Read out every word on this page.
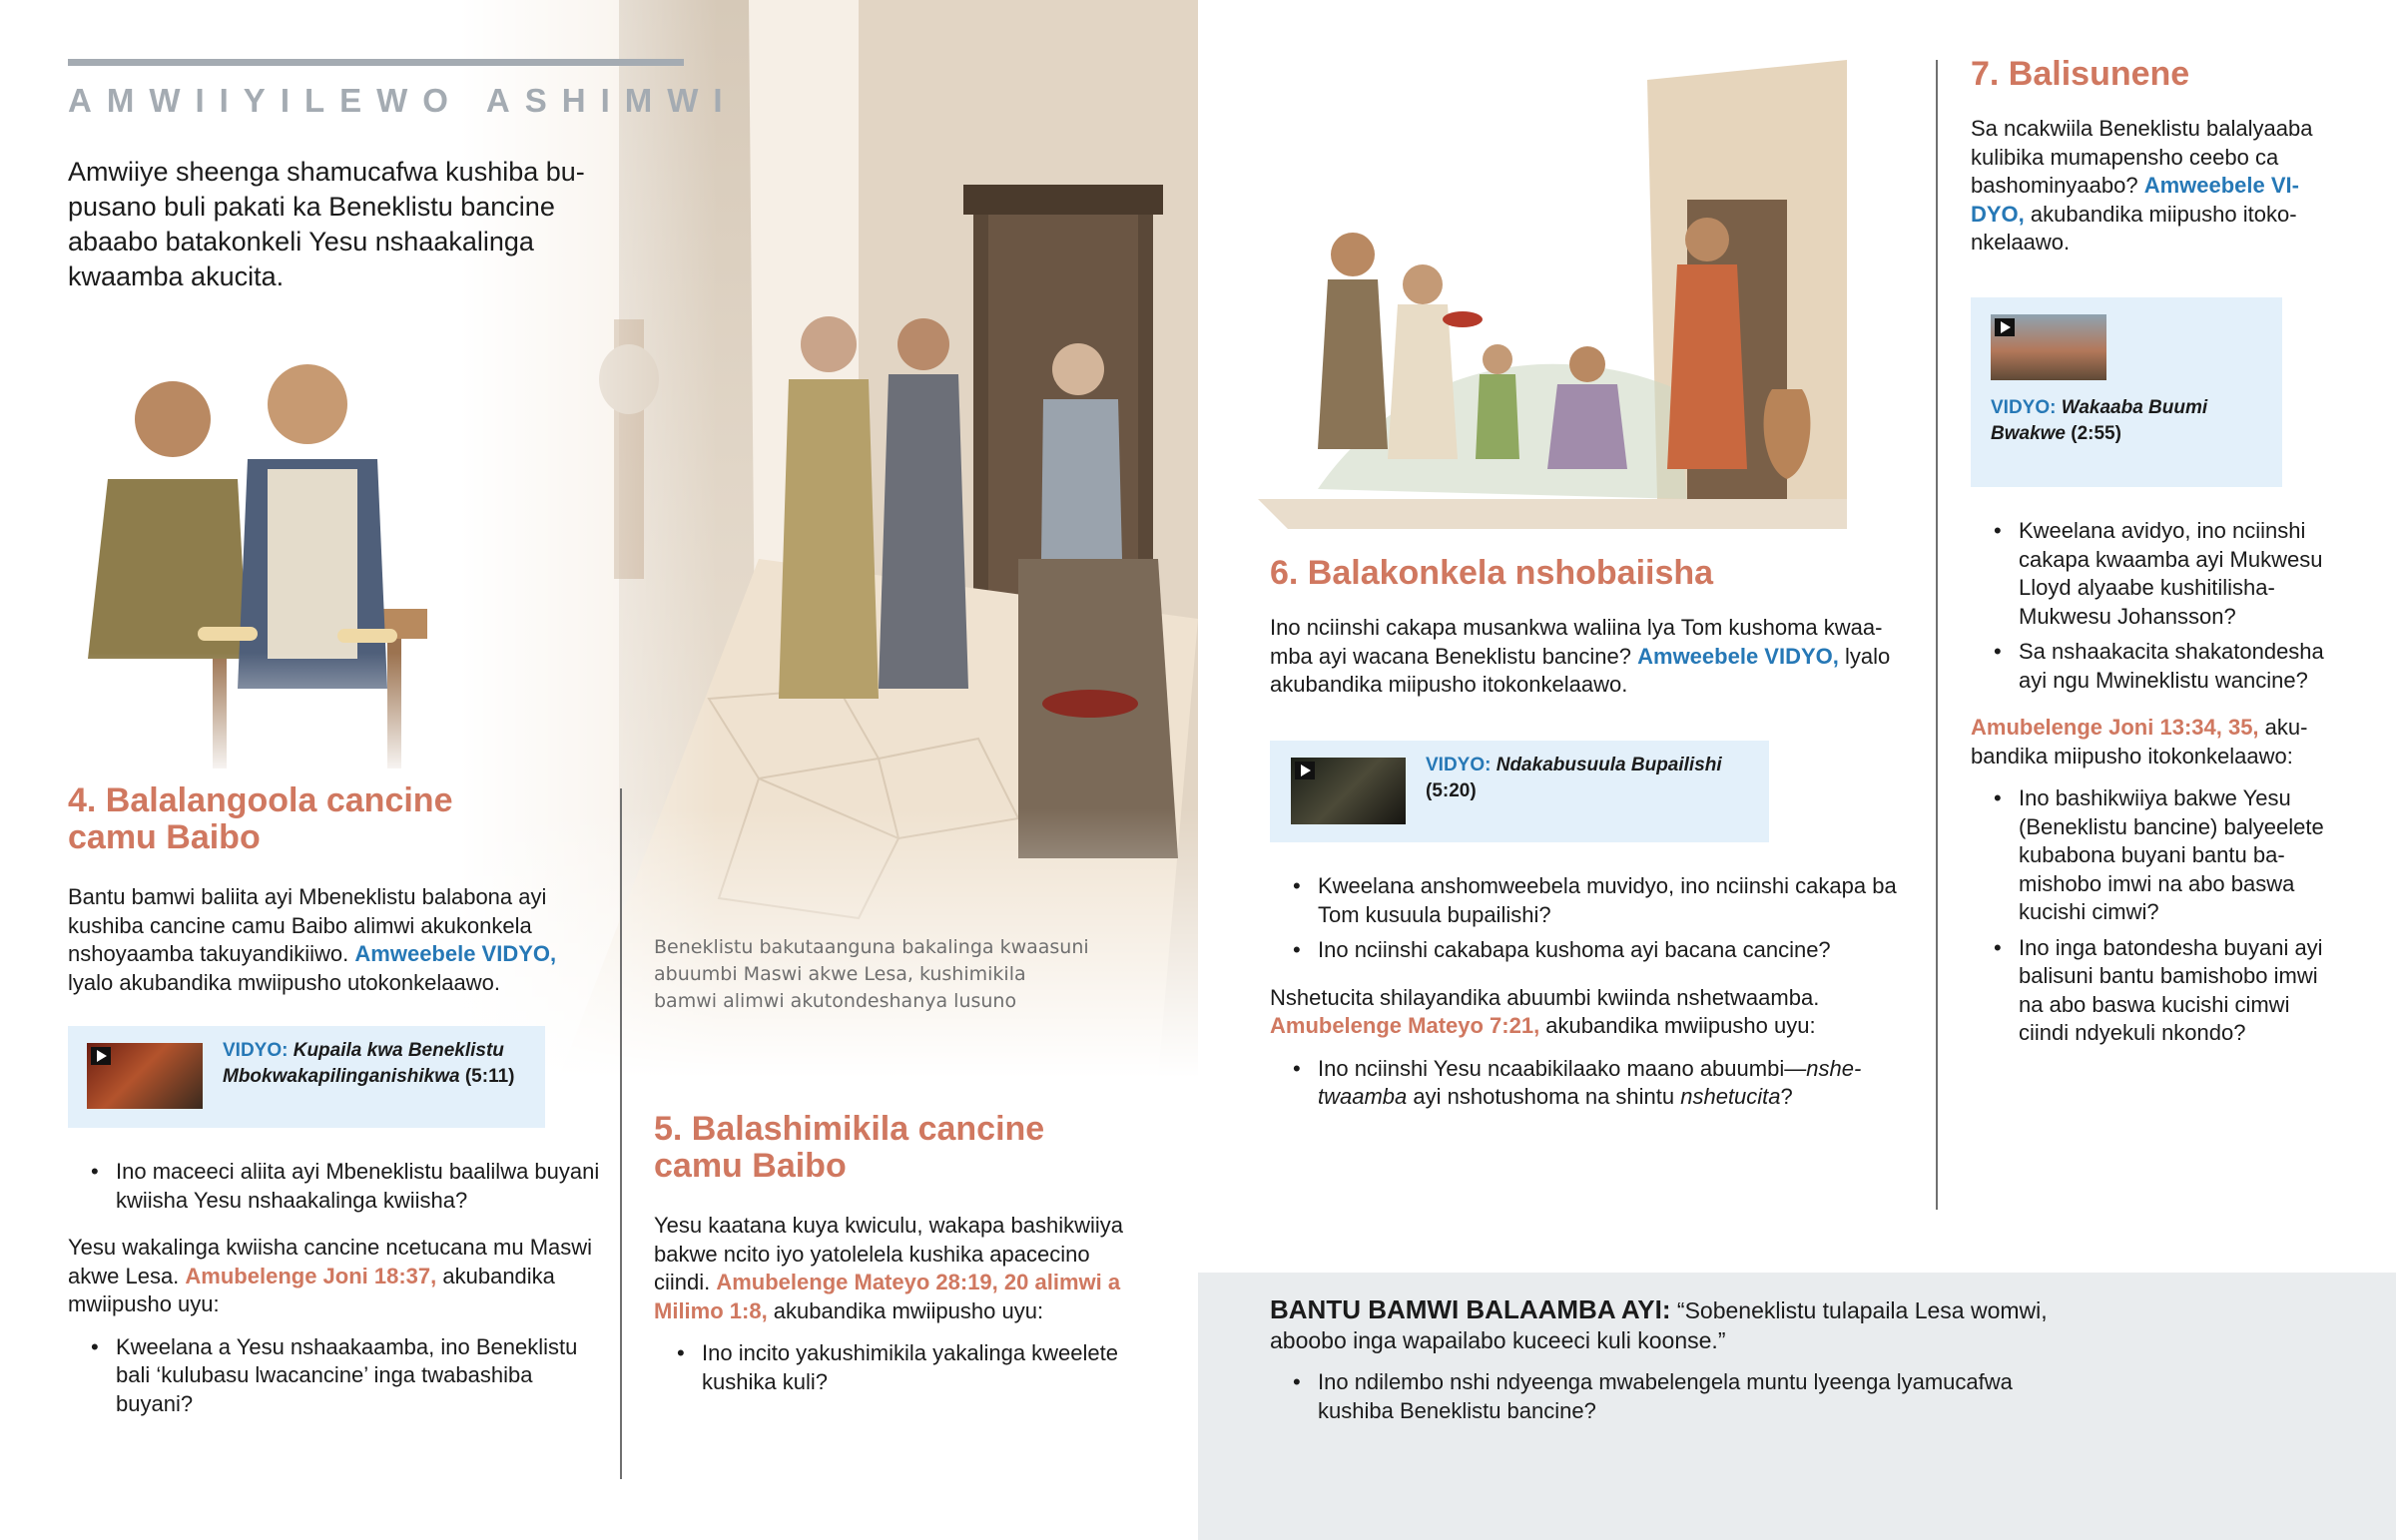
AMWIIYILEWO ASHIMWI
Amwiiye sheenga shamucafwa kushiba bupusano buli pakati ka Beneklistu bancine abaabo batakonkeli Yesu nshaakalinga kwaamba akucita.
4. Balalangoola cancine camu Baibo

Bantu bamwi baliita ayi Mbeneklistu balabona ayi kushiba cancine camu Baibo alimwi akukonkela nshoyaamba takuyandikiiwo. Amweebele VIDYO, lyalo akubandika mwiipusho utokonkelaawo.

VIDYO: Kupaila kwa Beneklistu Mbokwakapilinganishikwa (5:11)
• Ino maceeci aliita ayi Mbeneklistu baalilwa buyani kwiisha Yesu nshaakalinga kwiisha?

Yesu wakalinga kwiisha cancine ncetucana mu Maswi akwe Lesa. Amubelenge Joni 18:37, akubandika mwiipusho uyu:

• Kweelana a Yesu nshaakaamba, ino Beneklistu bali ‘kulubasu lwacancine’ inga twabashiba buyani?
Beneklistu bakutaanguna bakalinga kwaasuni abuumbi Maswi akwe Lesa, kushimikila bamwi alimwi akutondeshanya lusuno
5. Balashimikila cancine camu Baibo

Yesu kaatana kuya kwiculu, wakapa bashikwiiya bakwe ncito iyo yatolelela kushika apacecino ciindi. Amubelenge Mateyo 28:19, 20 alimwi a Milimo 1:8, akubandika mwiipusho uyu:

• Ino incito yakushimikila yakalinga kweelete kushika kuli?
6. Balakonkela nshobaiisha

Ino nciinshi cakapa musankwa waliina lya Tom kushoma kwaamba ayi wacana Beneklistu bancine? Amweebele VIDYO, lyalo akubandika miipusho itokonkelaawo.

VIDYO: Ndakabusuula Bupailishi (5:20)
• Kweelana anshomweebela muvidyo, ino nciinshi cakapa ba Tom kusuula bupailishi?
• Ino nciinshi cakabapa kushoma ayi bacana cancine?

Nshetucita shilayandika abuumbi kwiinda nshetwaamba. Amubelenge Mateyo 7:21, akubandika mwiipusho uyu:

• Ino nciinshi Yesu ncaabikilaako maano abuumbi—nshetwaamba ayi nshotushoma na shintu nshetucita?
7. Balisunene

Sa ncakwiila Beneklistu balalyaaba kulibika mumapensho ceebo ca bashominyaabo? Amweebele VIDYO, akubandika miipusho itokonkelaawo.

VIDYO: Wakaaba Buumi Bwakwe (2:55)
• Kweelana avidyo, ino nciinshi cakapa kwaamba ayi Mukwesu Lloyd alyaabe kushitilisha Mukwesu Johansson?
• Sa nshaakacita shakatondesha ayi ngu Mwineklistu wancine?

Amubelenge Joni 13:34, 35, akubandika miipusho itokonkelaawo:

• Ino bashikwiiya bakwe Yesu (Beneklistu bancine) balyeelete kubabona buyani bantu bamishobo imwi na abo baswa kucishi cimwi?
• Ino inga batondesha buyani ayi balisuni bantu bamishobo imwi na abo baswa kucishi cimwi ciindi ndyekuli nkondo?

BANTU BAMWI BALAAMBA AYI: “Sobeneklistu tulapaila Lesa womwi, aboobo inga wapailabo kuceeci kuli koonse.”

• Ino ndilembo nshi ndyeenga mwabelengela muntu lyeenga lyamucafwa kushiba Beneklistu bancine?
